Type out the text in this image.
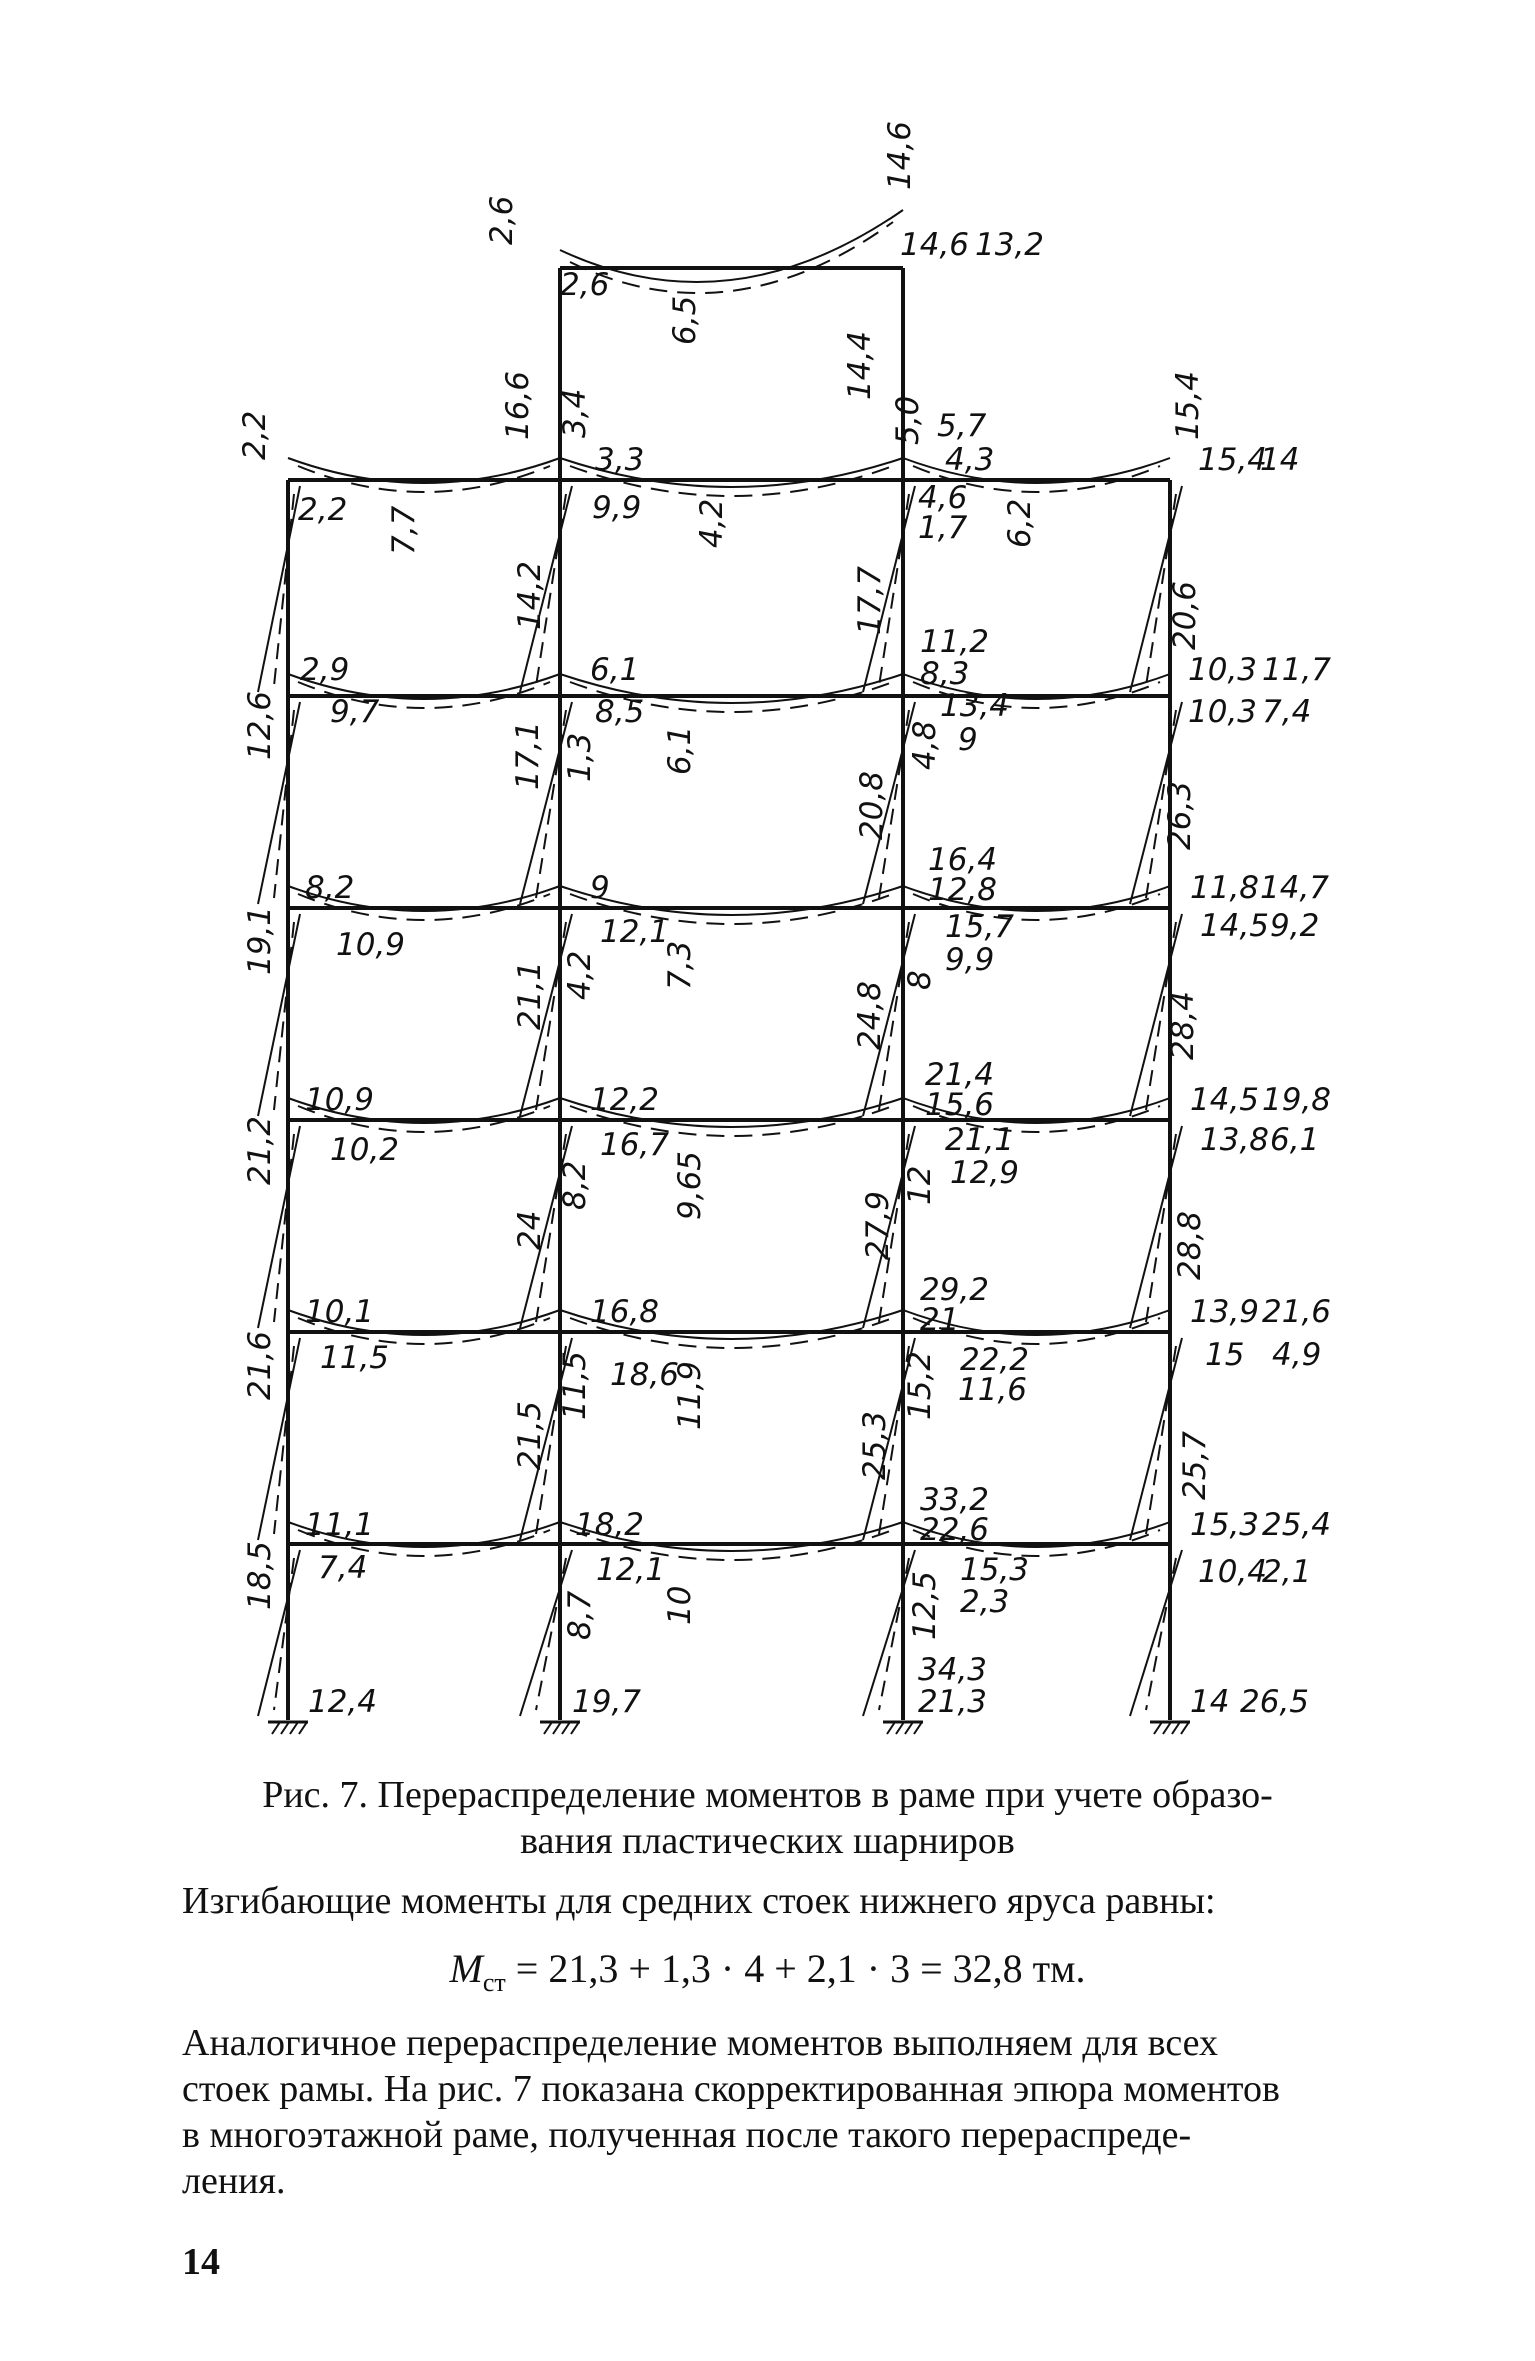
2,6
14,6
14,6 13,2
2,6
6,5
14,4
2,2	16,6 3,4
3,3
5,0 5,7
4,3
15,4
15,4
14
2,2 7,7	9,9 4,2
4,6
1,7 6,2
14,2	17,7	20,6
2,9	6,1
11,2
8,3	10,3 11,7
10,3 7,4
12,6 9,7	8,5
1,3 6,1
13,4
9
4,8
17,1
20,8	26,3
8,2	9
16,4
12,8	11,8 14,7
14,5 9,2
19,1 10,9	12,1
4,2 7,3
15,7
9,9
8
21,1	24,8	28,4
10,9	12,2
21,4
15,6	14,5 19,8
13,8 6,1
21,2 10,2	16,7
8,2	9,65
21,1
12,9
12
24	27,9	28,8
10,1	16,8
29,2
21	13,9 21,6
21,6 11,5	18,6
11,5	11,9
22,2
11,6
15,2	15 4,9
21,5	25,3	25,7
11,1	18,2
33,2
22,6	15,3 25,4
18,5 7,4	12,1
10
15,3
2,3
10,4
2,1
8,7	12,5
34,3
21,3
12,4	19,7	14 26,5
Рис. 7. Перераспределение моментов в раме при учете образо-
вания пластических шарниров
Изгибающие моменты для средних стоек нижнего яруса равны:
$M_{ст} = 21,3 + 1,3 \cdot 4 + 2,1 \cdot 3 = 32,8$ тм.
Аналогичное перераспределение моментов выполняем для всех
стоек рамы. На рис. 7 показана скорректированная эпюра моментов
в многоэтажной раме, полученная после такого перераспреде-
ления.
14
